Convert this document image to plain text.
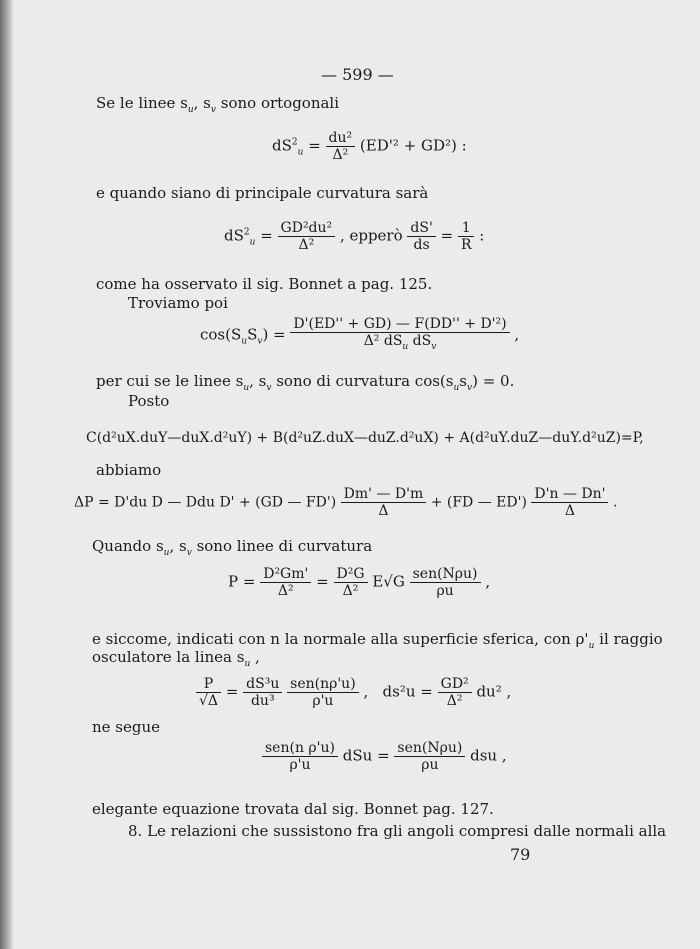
— 599 —
Se le linee $s_u$, $s_v$ sono ortogonali
$dS^2_u = \frac{\text{du²}}{\text{Δ²}} (ED'^2 + GD^2)$ :
e quando siano di principale curvatura sarà
$dS^2_u = \frac{\text{GD²du²}}{\text{Δ²}}$ , epperò $\frac{dS'}{ds} = \frac{1}{R}$ :
come ha osservato il sig. Bonnet a pag. 125.
Troviamo poi
$\cos(S_uS_v) = \frac{\text{D'(ED'' + GD) — F(DD'' + D'²)}}{\Delta^2 dS_u dS_v}$ ,
per cui se le linee $s_u$, $s_v$ sono di curvatura $\cos(s_us_v) = 0$.
Posto
C(d²uX.duY—duX.d²uY) + B(d²uZ.duX—duZ.d²uX) + A(d²uY.duZ—duY.d²uZ)=P,
abbiamo
ΔP = D'du D — Ddu D' + (GD — $FD') \frac{Dm' — D'm}{\Delta} + (FD$ — $ED') \frac{D'n — Dn'}{\Delta}$ .
Quando $s_u$, $s_v$ sono linee di curvatura
$P = \frac{\text{D²Gm'}}{\text{Δ²}} = \frac{\text{D²G}}{\text{Δ²}} E√G \frac{\text{sen(Nρu)}}{\rho u}$ ,
e siccome, indicati con n la normale alla superficie sferica, con $\rho'_u$ il raggio
osculatore la linea $s_u$ ,
$\frac{P}{√\Delta} = \frac{\text{dS³u}}{\text{du³}}$
$\frac{\text{sen(nρ'u)}}{\rho'u}$ , $ds^2u = \frac{\text{GD²}}{\text{Δ²}} du^2$ ,
ne segue
$\frac{\text{sen(n ρ'u)}}{\rho'u}$ dSu = $\frac{\text{sen(Nρu)}}{\rho u}$ dsu ,
elegante equazione trovata dal sig. Bonnet pag. 127.
8. Le relazioni che sussistono fra gli angoli compresi dalle normali alla
79
